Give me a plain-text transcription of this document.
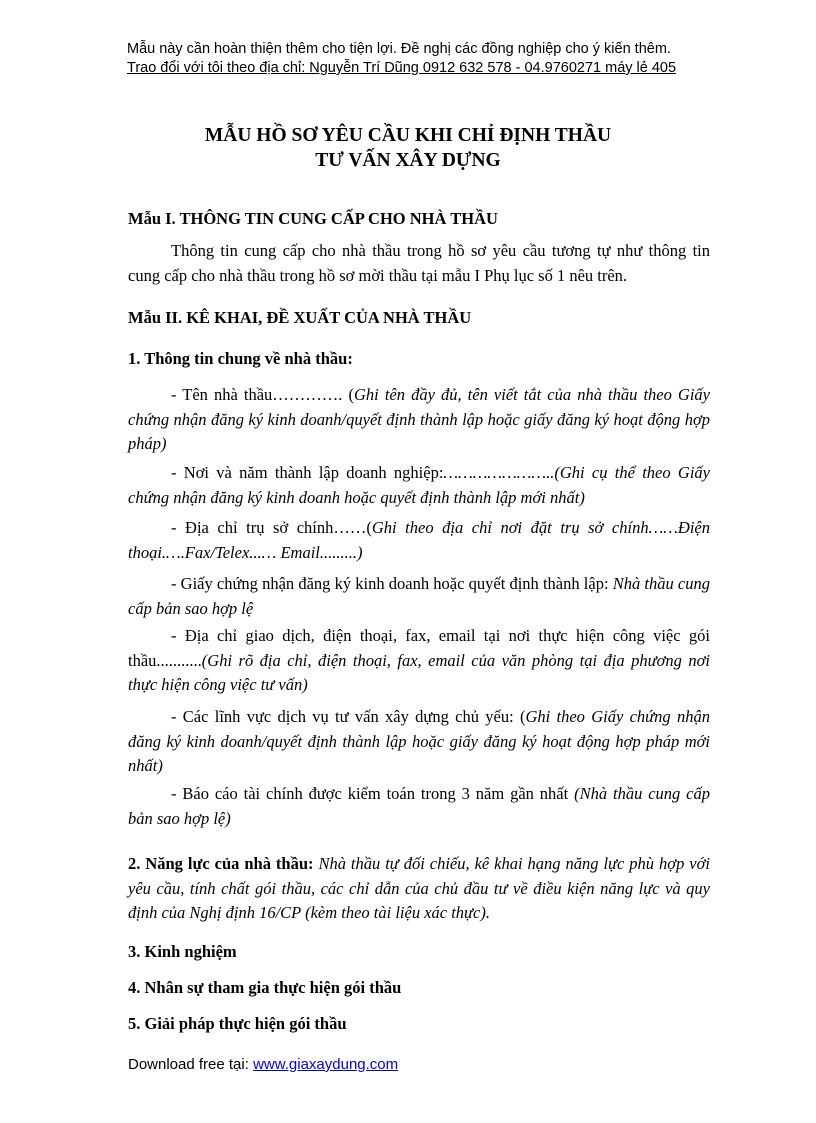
Mẫu này cần hoàn thiện thêm cho tiện lợi. Đề nghị các đồng nghiệp cho ý kiến thêm.
Trao đổi với tôi theo địa chỉ: Nguyễn Trí Dũng 0912 632 578 - 04.9760271 máy lẻ 405
MẪU HỒ SƠ YÊU CẦU KHI CHỈ ĐỊNH THẦU
TƯ VẤN XÂY DỰNG
Mẫu I. THÔNG TIN CUNG CẤP CHO NHÀ THẦU
Thông tin cung cấp cho nhà thầu trong hồ sơ yêu cầu tương tự như thông tin cung cấp cho nhà thầu trong hồ sơ mời thầu tại mẫu I Phụ lục số 1 nêu trên.
Mẫu II. KÊ KHAI, ĐỀ XUẤT CỦA NHÀ THẦU
1. Thông tin chung về nhà thầu:
- Tên nhà thầu…………. (Ghi tên đầy đủ, tên viết tắt của nhà thầu theo Giấy chứng nhận đăng ký kinh doanh/quyết định thành lập hoặc giấy đăng ký hoạt động hợp pháp)
- Nơi và năm thành lập doanh nghiệp:…………………..(Ghi cụ thể theo Giấy chứng nhận đăng ký kinh doanh hoặc quyết định thành lập mới nhất)
- Địa chỉ trụ sở chính……(Ghi theo địa chỉ nơi đặt trụ sở chính……Điện thoại.….Fax/Telex...… Email.........)
- Giấy chứng nhận đăng ký kinh doanh hoặc quyết định thành lập: Nhà thầu cung cấp bản sao hợp lệ
- Địa chỉ giao dịch, điện thoại, fax, email tại nơi thực hiện công việc gói thầu...........(Ghi rõ địa chỉ, điện thoại, fax, email của văn phòng tại địa phương nơi thực hiện công việc tư vấn)
- Các lĩnh vực dịch vụ tư vấn xây dựng chủ yếu: (Ghi theo Giấy chứng nhận đăng ký kinh doanh/quyết định thành lập hoặc giấy đăng ký hoạt động hợp pháp mới nhất)
- Báo cáo tài chính được kiểm toán trong 3 năm gần nhất (Nhà thầu cung cấp bản sao hợp lệ)
2. Năng lực của nhà thầu: Nhà thầu tự đối chiếu, kê khai hạng năng lực phù hợp với yêu cầu, tính chất gói thầu, các chỉ dẫn của chủ đầu tư về điều kiện năng lực và quy định của Nghị định 16/CP (kèm theo tài liệu xác thực).
3. Kinh nghiệm
4. Nhân sự tham gia thực hiện gói thầu
5. Giải pháp thực hiện gói thầu
Download free tại: www.giaxaydung.com
